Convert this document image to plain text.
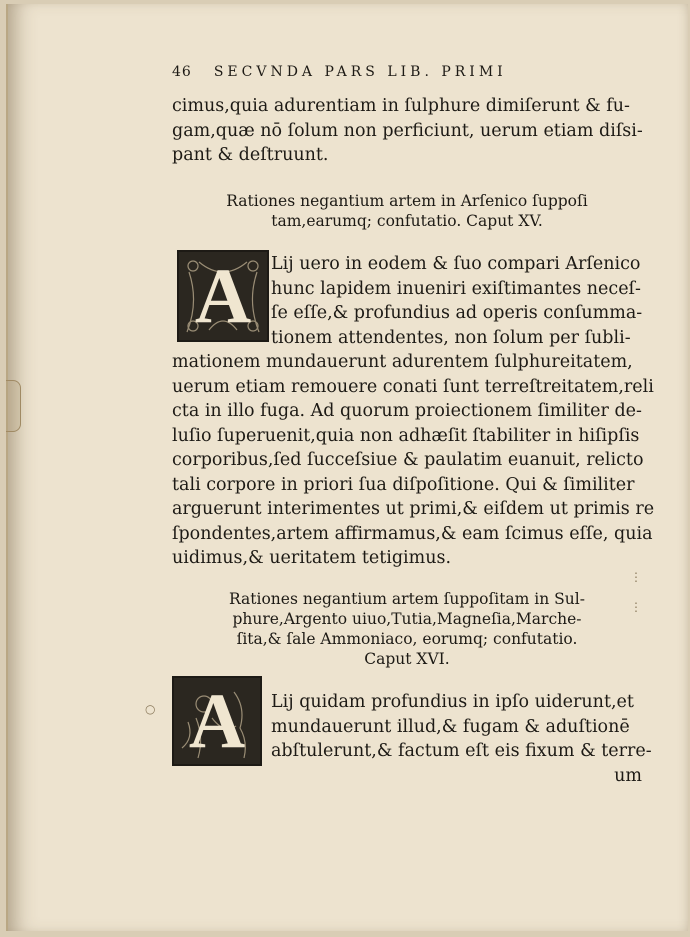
46 SECVNDA PARS LIB. PRIMI
cimus,quia adurentiam in ſulphure dimiſerunt & fu-
gam,quæ nō ſolum non perficiunt, uerum etiam diſsi-
pant & deſtruunt.
Rationes negantium artem in Arſenico ſuppoſi
tam,earumq; confutatio. Caput XV.
A Lij uero in eodem & ſuo compari Arſenico
hunc lapidem inueniri exiſtimantes neceſ-
ſe eſſe,& profundius ad operis conſumma-
tionem attendentes, non ſolum per ſubli-
mationem mundauerunt adurentem ſulphureitatem,
uerum etiam remouere conati ſunt terreſtreitatem,reli
cta in illo fuga. Ad quorum proiectionem ſimiliter de-
luſio ſuperuenit,quia non adhæſit ſtabiliter in hiſipſis
corporibus,ſed ſucceſsiue & paulatim euanuit, relicto
tali corpore in priori ſua diſpoſitione. Qui & ſimiliter
arguerunt interimentes ut primi,& eiſdem ut primis re
ſpondentes,artem affirmamus,& eam ſcimus eſſe, quia
uidimus,& ueritatem tetigimus.
Rationes negantium artem ſuppoſitam in Sul-
phure,Argento uiuo,Tutia,Magneſia,Marche-
ſita,& ſale Ammoniaco, eorumq; confutatio.
Caput XVI.
A Lij quidam profundius in ipſo uiderunt,et
mundauerunt illud,& fugam & aduſtionē
abſtulerunt,& factum eſt eis fixum & terre-
um
⋮
⋮
○
